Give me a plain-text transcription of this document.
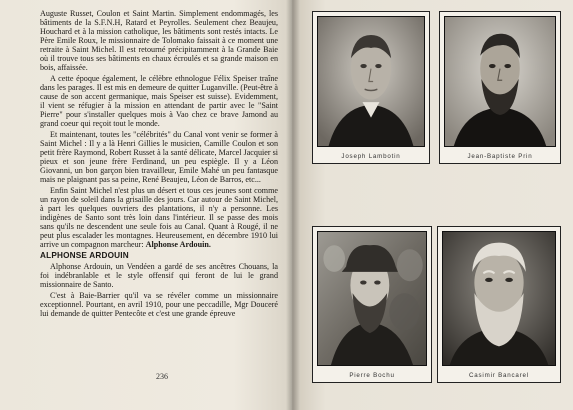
Auguste Russet, Coulon et Saint Martin. Simplement endommagés, les bâtiments de la S.F.N.H, Ratard et Peyrolles. Seulement chez Beaujeu, Houchard et à la mission catholique, les bâtiments sont restés intacts. Le Père Emile Roux, le missionnaire de Tolomako faissait à ce moment une retraite à Saint Michel. Il est retourné précipitamment à la Grande Baie où il trouve tous ses bâtiments en chaux écroulés et sa grande maison en bois, affaissée.

A cette époque également, le célèbre ethnologue Félix Speiser traîne dans les parages. Il est mis en demeure de quitter Luganville. (Peut-être à cause de son accent germanique, mais Speiser est suisse). Evidemment, il vient se réfugier à la mission en attendant de partir avec le "Saint Pierre" pour s'installer quelques mois à Vao chez ce brave Jamond au grand coeur qui reçoit tout le monde.

Et maintenant, toutes les "célébrités" du Canal vont venir se former à Saint Michel : Il y a là Henri Gillies le musicien, Camille Coulon et son petit frère Raymond, Robert Russet à la santé délicate, Marcel Jacquier si pieux et son jeune frère Ferdinand, un peu espiègle. Il y a Léon Giovanni, un bon garçon bien travailleur, Emile Mahé un peu fantasque mais ne plaignant pas sa peine, René Beaujeu, Léon de Barros, etc...

Enfin Saint Michel n'est plus un désert et tous ces jeunes sont comme un rayon de soleil dans la grisaille des jours. Car autour de Saint Michel, à part les quelques ouvriers des plantations, il n'y a personne. Les indigènes de Santo sont très loin dans l'intérieur. Il se passe des mois sans qu'ils ne descendent une seule fois au Canal. Quant à Rougé, il ne peut plus escalader les montagnes. Heureusement, en décembre 1910 lui arrive un compagnon marcheur: Alphonse Ardouin.

ALPHONSE ARDOUIN

Alphonse Ardouin, un Vendéen a gardé de ses ancêtres Chouans, la foi indébranlable et le style offensif qui feront de lui le grand missionnaire de Santo.

C'est à Baie-Barrier qu'il va se révéler comme un missionnaire exceptionnel. Pourtant, en avril 1910, pour une peccadille, Mgr Douceré lui demande de quitter Pentecôte et c'est une grande épreuve

236
Joseph Lambotin	Jean-Baptiste Prin
Pierre Bochu	Casimir Bancarel
